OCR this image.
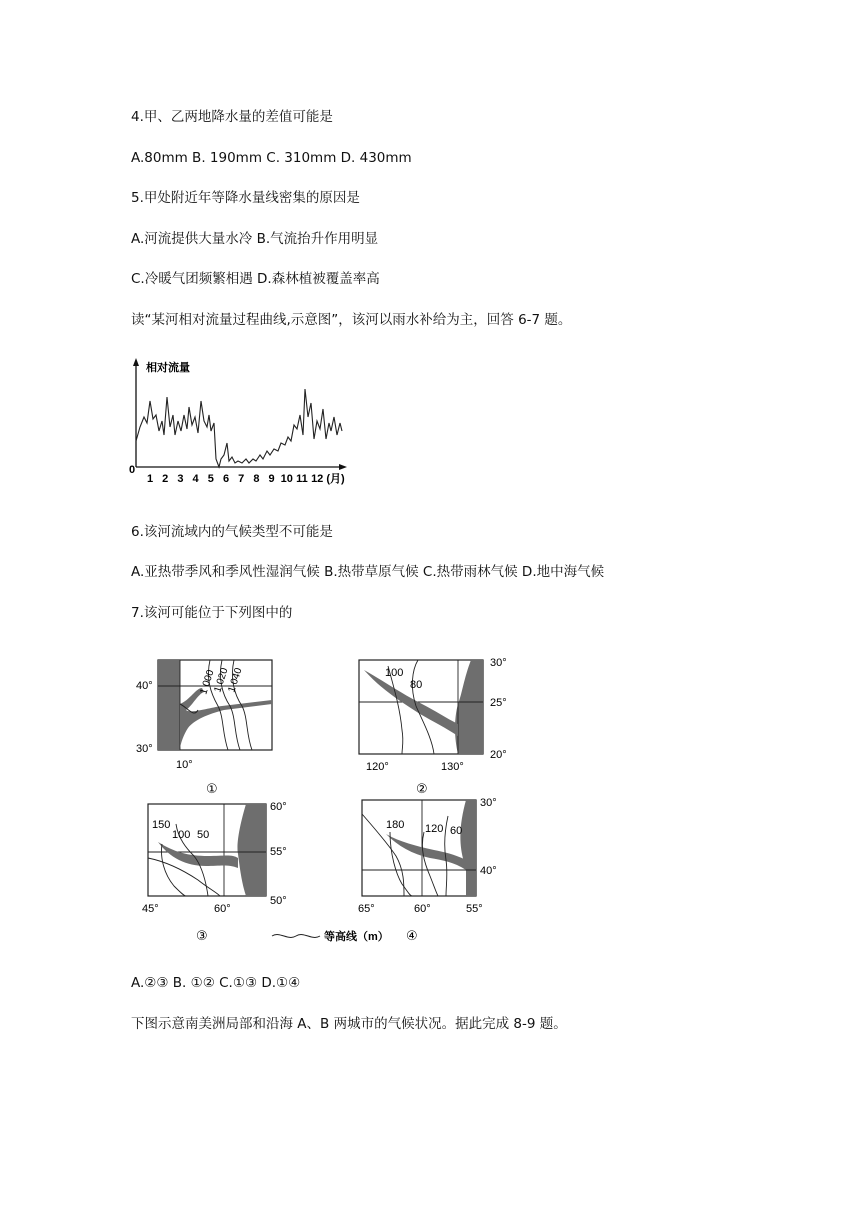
4.甲、乙两地降水量的差值可能是
A.80mm B. 190mm C. 310mm D. 430mm
5.甲处附近年等降水量线密集的原因是
A.河流提供大量水冷 B.气流抬升作用明显
C.冷暖气团频繁相遇 D.森林植被覆盖率高
读“某河相对流量过程曲线,示意图”，该河以雨水补给为主，回答 6-7 题。
相对流量
0
1 2 3 4 5 6 7 8 9 10 11 12 (月)
6.该河流域内的气候类型不可能是
A.亚热带季风和季风性湿润气候 B.热带草原气候 C.热带雨林气候 D.地中海气候
7.该河可能位于下列图中的
1 000
1 020
1 040
40°
30°
10°
①
100
80
30°
25°
20°
120°	130°
②
150
100 50
60°
55°
50°
45°	60°
③
180 120 60
30°
40°
65°	60°	55°
④
等高线（m）
A.②③ B. ①② C.①③ D.①④
下图示意南美洲局部和沿海 A、B 两城市的气候状况。据此完成 8-9 题。
